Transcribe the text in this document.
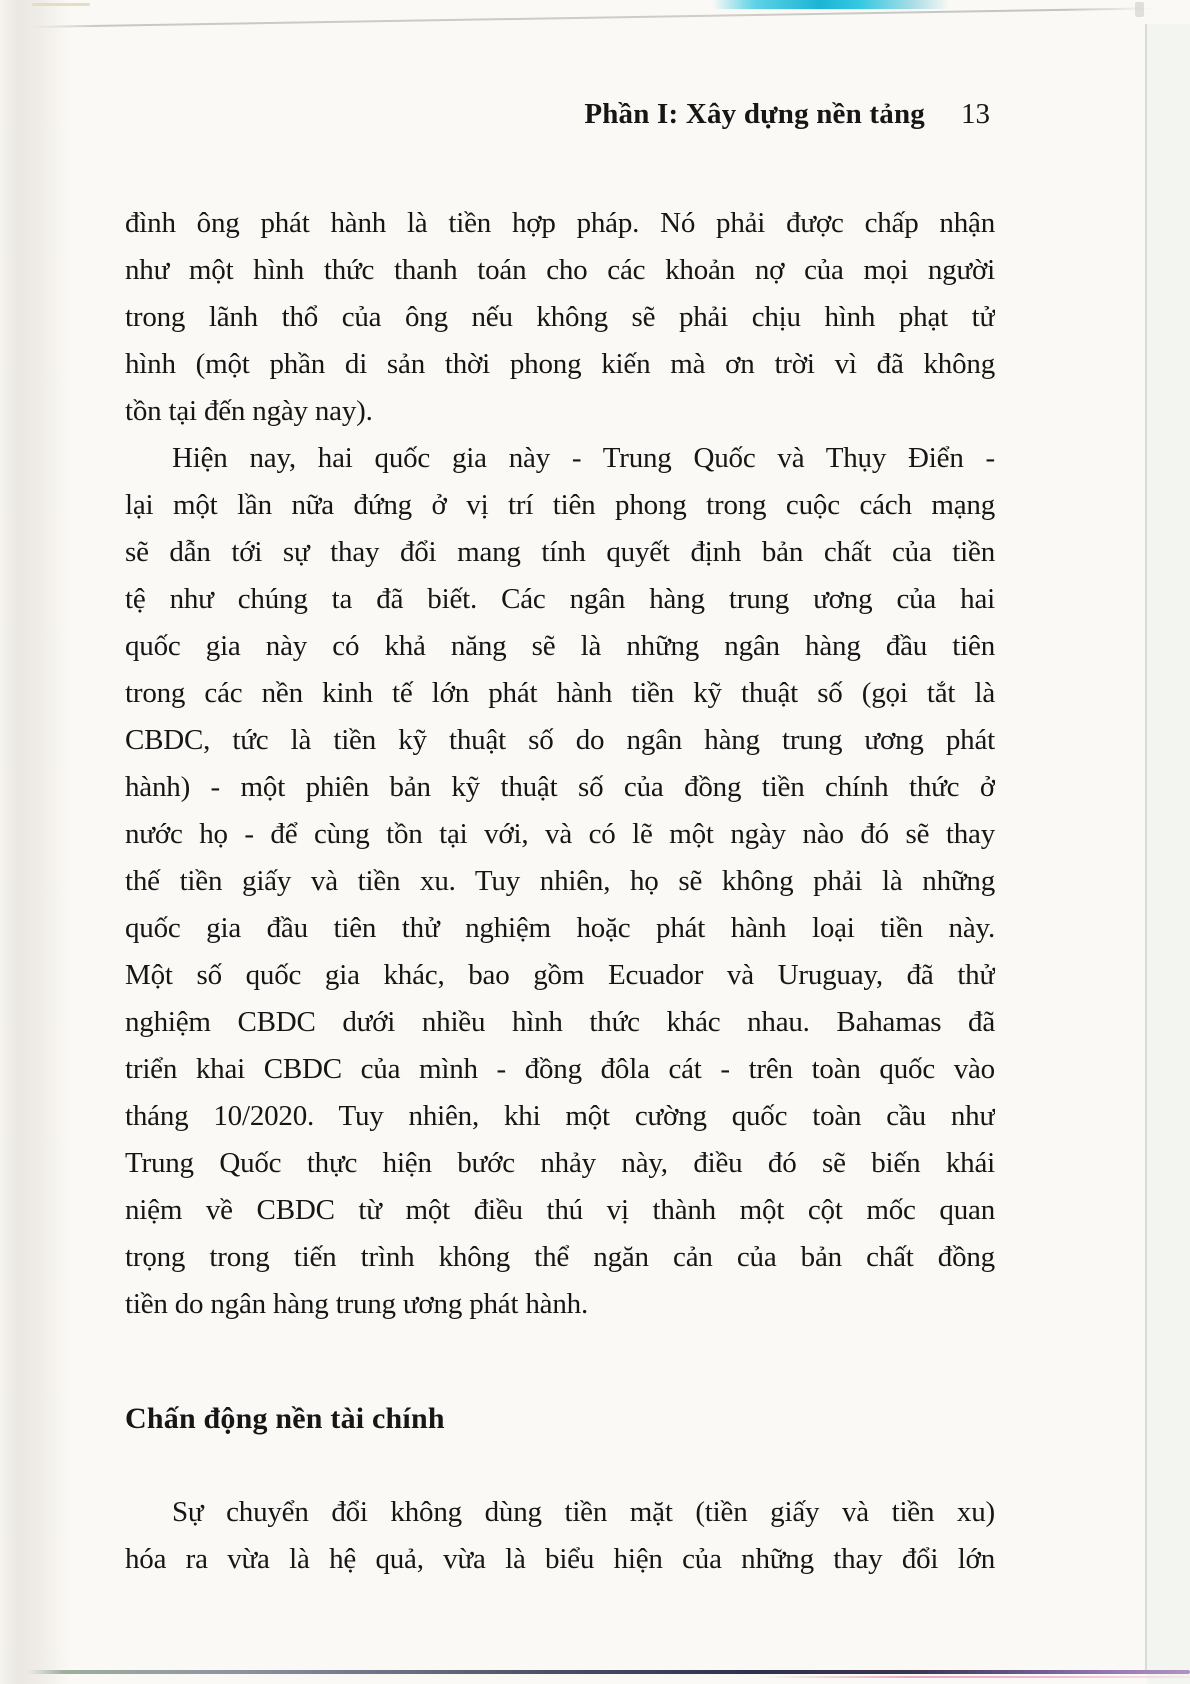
Phần I: Xây dựng nền tảng 13
đình ông phát hành là tiền hợp pháp. Nó phải được chấp nhận
như một hình thức thanh toán cho các khoản nợ của mọi người
trong lãnh thổ của ông nếu không sẽ phải chịu hình phạt tử
hình (một phần di sản thời phong kiến mà ơn trời vì đã không
tồn tại đến ngày nay).
Hiện nay, hai quốc gia này - Trung Quốc và Thụy Điển -
lại một lần nữa đứng ở vị trí tiên phong trong cuộc cách mạng
sẽ dẫn tới sự thay đổi mang tính quyết định bản chất của tiền
tệ như chúng ta đã biết. Các ngân hàng trung ương của hai
quốc gia này có khả năng sẽ là những ngân hàng đầu tiên
trong các nền kinh tế lớn phát hành tiền kỹ thuật số (gọi tắt là
CBDC, tức là tiền kỹ thuật số do ngân hàng trung ương phát
hành) - một phiên bản kỹ thuật số của đồng tiền chính thức ở
nước họ - để cùng tồn tại với, và có lẽ một ngày nào đó sẽ thay
thế tiền giấy và tiền xu. Tuy nhiên, họ sẽ không phải là những
quốc gia đầu tiên thử nghiệm hoặc phát hành loại tiền này.
Một số quốc gia khác, bao gồm Ecuador và Uruguay, đã thử
nghiệm CBDC dưới nhiều hình thức khác nhau. Bahamas đã
triển khai CBDC của mình - đồng đôla cát - trên toàn quốc vào
tháng 10/2020. Tuy nhiên, khi một cường quốc toàn cầu như
Trung Quốc thực hiện bước nhảy này, điều đó sẽ biến khái
niệm về CBDC từ một điều thú vị thành một cột mốc quan
trọng trong tiến trình không thể ngăn cản của bản chất đồng
tiền do ngân hàng trung ương phát hành.
Chấn động nền tài chính
Sự chuyển đổi không dùng tiền mặt (tiền giấy và tiền xu)
hóa ra vừa là hệ quả, vừa là biểu hiện của những thay đổi lớn
